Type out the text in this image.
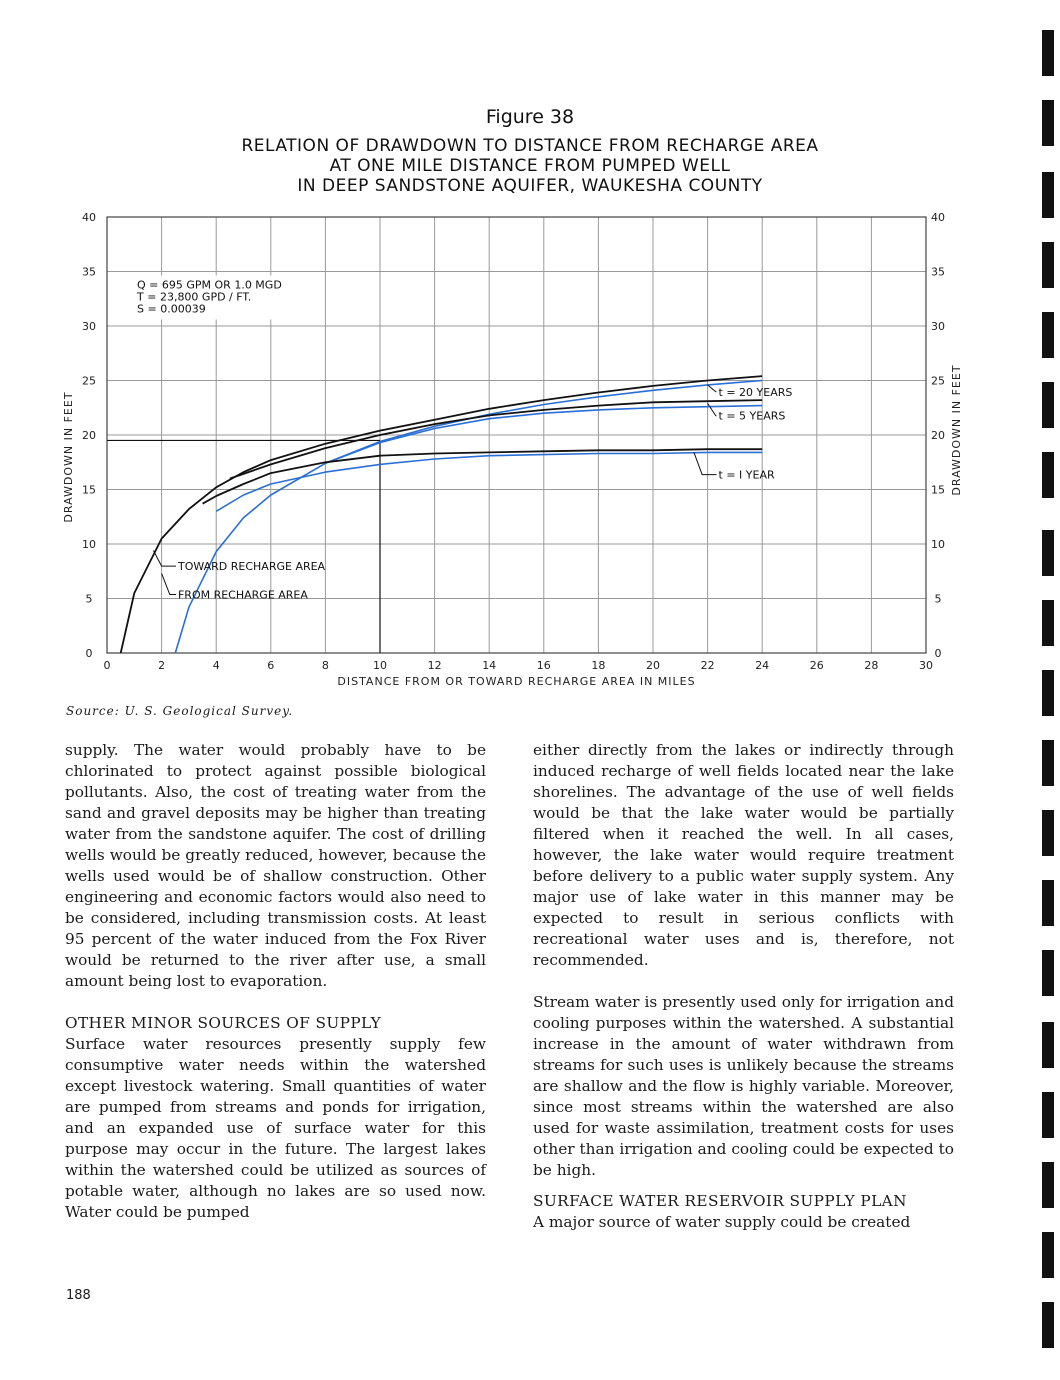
Figure 38
RELATION OF DRAWDOWN TO DISTANCE FROM RECHARGE AREA
AT ONE MILE DISTANCE FROM PUMPED WELL
IN DEEP SANDSTONE AQUIFER, WAUKESHA COUNTY
0	2	4	6	8	10	12	14	16	18	20	22	24	26	28	30
0	0
5	5
10	10
15	15
20	20
25	25
30	30
35	35
40	40
DISTANCE FROM OR TOWARD RECHARGE AREA IN MILES
DRAWDOWN IN FEET	DRAWDOWN IN FEET
Q = 695 GPM OR 1.0 MGD
T = 23,800 GPD / FT.
S = 0.00039
t = 20 YEARS
t = 5 YEARS
t = I YEAR
TOWARD RECHARGE AREA
FROM RECHARGE AREA
Source: U. S. Geological Survey.

supply. The water would probably have to be chlorinated to protect against possible biological pollutants. Also, the cost of treating water from the sand and gravel deposits may be higher than treating water from the sandstone aquifer. The cost of drilling wells would be greatly reduced, however, because the wells used would be of shallow construction. Other engineering and economic factors would also need to be considered, including transmission costs. At least 95 percent of the water induced from the Fox River would be returned to the river after use, a small amount being lost to evaporation.

OTHER MINOR SOURCES OF SUPPLY

Surface water resources presently supply few consumptive water needs within the watershed except livestock watering. Small quantities of water are pumped from streams and ponds for irrigation, and an expanded use of surface water for this purpose may occur in the future. The largest lakes within the watershed could be utilized as sources of potable water, although no lakes are so used now. Water could be pumped

either directly from the lakes or indirectly through induced recharge of well fields located near the lake shorelines. The advantage of the use of well fields would be that the lake water would be partially filtered when it reached the well. In all cases, however, the lake water would require treatment before delivery to a public water supply system. Any major use of lake water in this manner may be expected to result in serious conflicts with recreational water uses and is, therefore, not recommended.

Stream water is presently used only for irrigation and cooling purposes within the watershed. A substantial increase in the amount of water withdrawn from streams for such uses is unlikely because the streams are shallow and the flow is highly variable. Moreover, since most streams within the watershed are also used for waste assimilation, treatment costs for uses other than irrigation and cooling could be expected to be high.

SURFACE WATER RESERVOIR SUPPLY PLAN

A major source of water supply could be created

188
